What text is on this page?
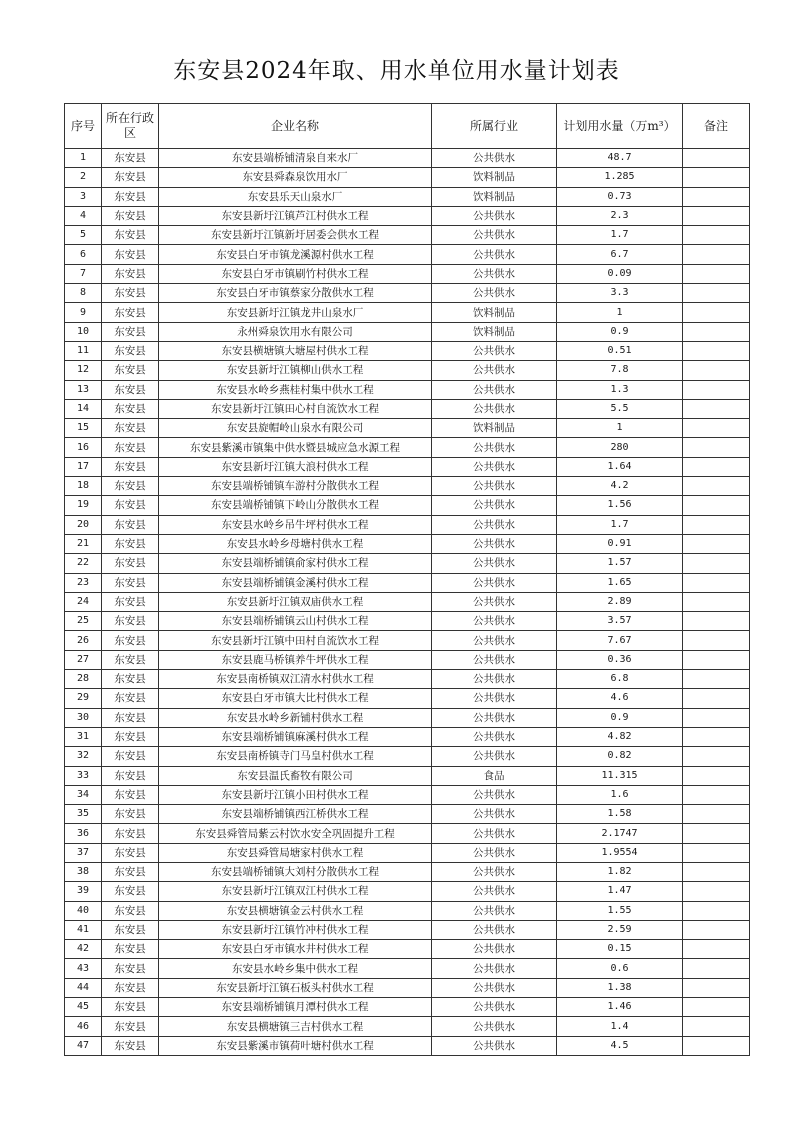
东安县2024年取、用水单位用水量计划表
序号	所在行政区	企业名称	所属行业	计划用水量（万m³）	备注
1	东安县	东安县端桥铺清泉自来水厂	公共供水	48.7	
2	东安县	东安县舜森泉饮用水厂	饮料制品	1.285	
3	东安县	东安县乐天山泉水厂	饮料制品	0.73	
4	东安县	东安县新圩江镇芦江村供水工程	公共供水	2.3	
5	东安县	东安县新圩江镇新圩居委会供水工程	公共供水	1.7	
6	东安县	东安县白牙市镇龙溪源村供水工程	公共供水	6.7	
7	东安县	东安县白牙市镇刷竹村供水工程	公共供水	0.09	
8	东安县	东安县白牙市镇蔡家分散供水工程	公共供水	3.3	
9	东安县	东安县新圩江镇龙井山泉水厂	饮料制品	1	
10	东安县	永州舜泉饮用水有限公司	饮料制品	0.9	
11	东安县	东安县横塘镇大塘屋村供水工程	公共供水	0.51	
12	东安县	东安县新圩江镇柳山供水工程	公共供水	7.8	
13	东安县	东安县水岭乡燕桂村集中供水工程	公共供水	1.3	
14	东安县	东安县新圩江镇田心村自流饮水工程	公共供水	5.5	
15	东安县	东安县旋帽岭山泉水有限公司	饮料制品	1	
16	东安县	东安县紫溪市镇集中供水暨县城应急水源工程	公共供水	280	
17	东安县	东安县新圩江镇大浪村供水工程	公共供水	1.64	
18	东安县	东安县端桥铺镇车游村分散供水工程	公共供水	4.2	
19	东安县	东安县端桥铺镇下岭山分散供水工程	公共供水	1.56	
20	东安县	东安县水岭乡吊牛坪村供水工程	公共供水	1.7	
21	东安县	东安县水岭乡母塘村供水工程	公共供水	0.91	
22	东安县	东安县端桥铺镇俞家村供水工程	公共供水	1.57	
23	东安县	东安县端桥铺镇金溪村供水工程	公共供水	1.65	
24	东安县	东安县新圩江镇双庙供水工程	公共供水	2.89	
25	东安县	东安县端桥铺镇云山村供水工程	公共供水	3.57	
26	东安县	东安县新圩江镇中田村自流饮水工程	公共供水	7.67	
27	东安县	东安县鹿马桥镇养牛坪供水工程	公共供水	0.36	
28	东安县	东安县南桥镇双江清水村供水工程	公共供水	6.8	
29	东安县	东安县白牙市镇大比村供水工程	公共供水	4.6	
30	东安县	东安县水岭乡新铺村供水工程	公共供水	0.9	
31	东安县	东安县端桥铺镇麻溪村供水工程	公共供水	4.82	
32	东安县	东安县南桥镇寺门马皇村供水工程	公共供水	0.82	
33	东安县	东安县温氏畜牧有限公司	食品	11.315	
34	东安县	东安县新圩江镇小田村供水工程	公共供水	1.6	
35	东安县	东安县端桥铺镇西江桥供水工程	公共供水	1.58	
36	东安县	东安县舜管局紫云村饮水安全巩固提升工程	公共供水	2.1747	
37	东安县	东安县舜管局塘家村供水工程	公共供水	1.9554	
38	东安县	东安县端桥铺镇大刘村分散供水工程	公共供水	1.82	
39	东安县	东安县新圩江镇双江村供水工程	公共供水	1.47	
40	东安县	东安县横塘镇金云村供水工程	公共供水	1.55	
41	东安县	东安县新圩江镇竹冲村供水工程	公共供水	2.59	
42	东安县	东安县白牙市镇水井村供水工程	公共供水	0.15	
43	东安县	东安县水岭乡集中供水工程	公共供水	0.6	
44	东安县	东安县新圩江镇石板头村供水工程	公共供水	1.38	
45	东安县	东安县端桥铺镇月潭村供水工程	公共供水	1.46	
46	东安县	东安县横塘镇三吉村供水工程	公共供水	1.4	
47	东安县	东安县紫溪市镇荷叶塘村供水工程	公共供水	4.5	
